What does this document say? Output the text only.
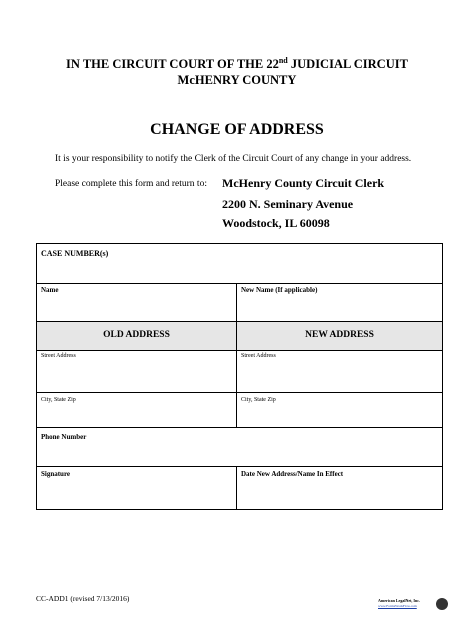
IN THE CIRCUIT COURT OF THE 22nd JUDICIAL CIRCUIT
McHENRY COUNTY
CHANGE OF ADDRESS
It is your responsibility to notify the Clerk of the Circuit Court of any change in your address.
Please complete this form and return to: McHenry County Circuit Clerk
2200 N. Seminary Avenue
Woodstock, IL 60098
CASE NUMBER(s)
Name	New Name (If applicable)
OLD ADDRESS	NEW ADDRESS
Street Address	Street Address
City, State Zip	City, State Zip
Phone Number
Signature	Date New Address/Name In Effect
CC-ADD1 (revised 7/13/2016)	American LegalNet, Inc.
www.FormsWorkFlow.com
